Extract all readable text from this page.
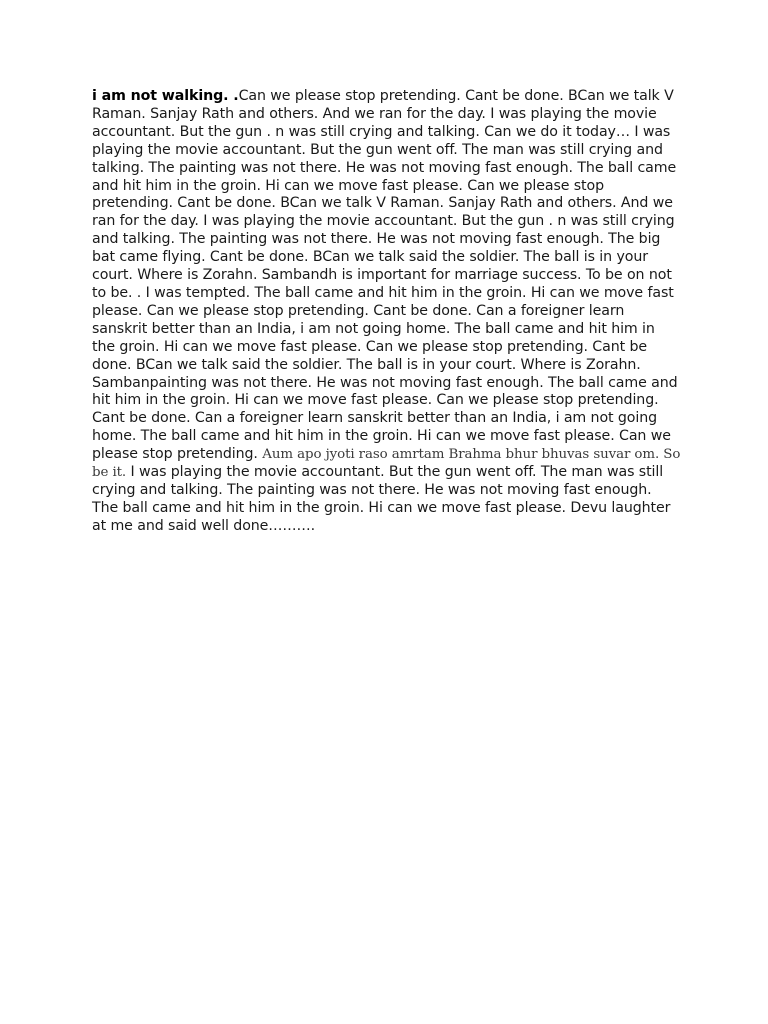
i am not walking. .Can we please stop pretending. Cant be done. BCan we talk V Raman. Sanjay Rath and others. And we ran for the day. I was playing the movie accountant. But the gun . n was still crying and talking. Can we do it today… I was playing the movie accountant. But the gun went off. The man was still crying and talking. The painting was not there. He was not moving fast enough. The ball came and hit him in the groin. Hi can we move fast please. Can we please stop pretending. Cant be done. BCan we talk V Raman. Sanjay Rath and others. And we ran for the day. I was playing the movie accountant. But the gun . n was still crying and talking. The painting was not there. He was not moving fast enough. The big bat came flying. Cant be done. BCan we talk said the soldier. The ball is in your court. Where is Zorahn. Sambandh is important for marriage success. To be on not to be. . I was tempted. The ball came and hit him in the groin. Hi can we move fast please. Can we please stop pretending. Cant be done. Can a foreigner learn sanskrit better than an India, i am not going home. The ball came and hit him in the groin. Hi can we move fast please. Can we please stop pretending. Cant be done. BCan we talk said the soldier. The ball is in your court. Where is Zorahn. Sambanpainting was not there. He was not moving fast enough. The ball came and hit him in the groin. Hi can we move fast please. Can we please stop pretending. Cant be done. Can a foreigner learn sanskrit better than an India, i am not going home. The ball came and hit him in the groin. Hi can we move fast please. Can we please stop pretending. Aum apo jyoti raso amrtam Brahma bhur bhuvas suvar om. So be it. I was playing the movie accountant. But the gun went off. The man was still crying and talking. The painting was not there. He was not moving fast enough. The ball came and hit him in the groin. Hi can we move fast please. Devu laughter at me and said well done……….
